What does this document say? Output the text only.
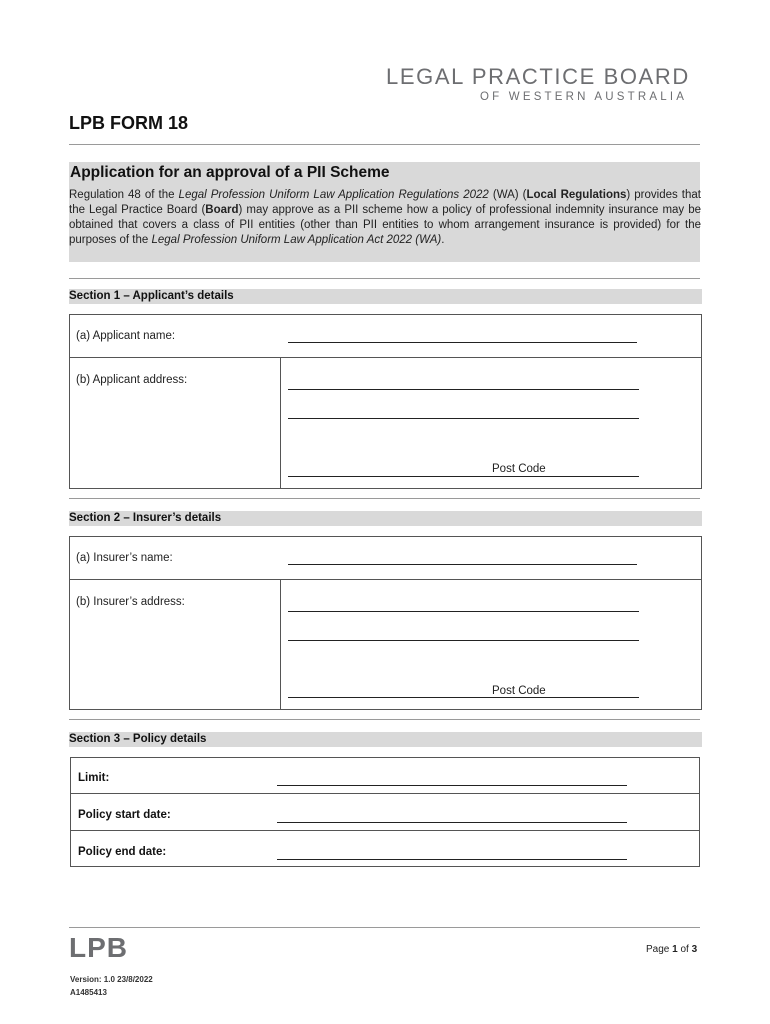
LEGAL PRACTICE BOARD
OF WESTERN AUSTRALIA
LPB FORM 18
Application for an approval of a PII Scheme

Regulation 48 of the Legal Profession Uniform Law Application Regulations 2022 (WA) (Local Regulations) provides that the Legal Practice Board (Board) may approve as a PII scheme how a policy of professional indemnity insurance may be obtained that covers a class of PII entities (other than PII entities to whom arrangement insurance is provided) for the purposes of the Legal Profession Uniform Law Application Act 2022 (WA).

Section 1 – Applicant’s details
(a) Applicant name:
(b) Applicant address:
Post Code
Section 2 – Insurer’s details
(a) Insurer’s name:
(b) Insurer’s address:
Post Code
Section 3 – Policy details
Limit:
Policy start date:
Policy end date:
LPB	Page 1 of 3
Version: 1.0 23/8/2022
A1485413
